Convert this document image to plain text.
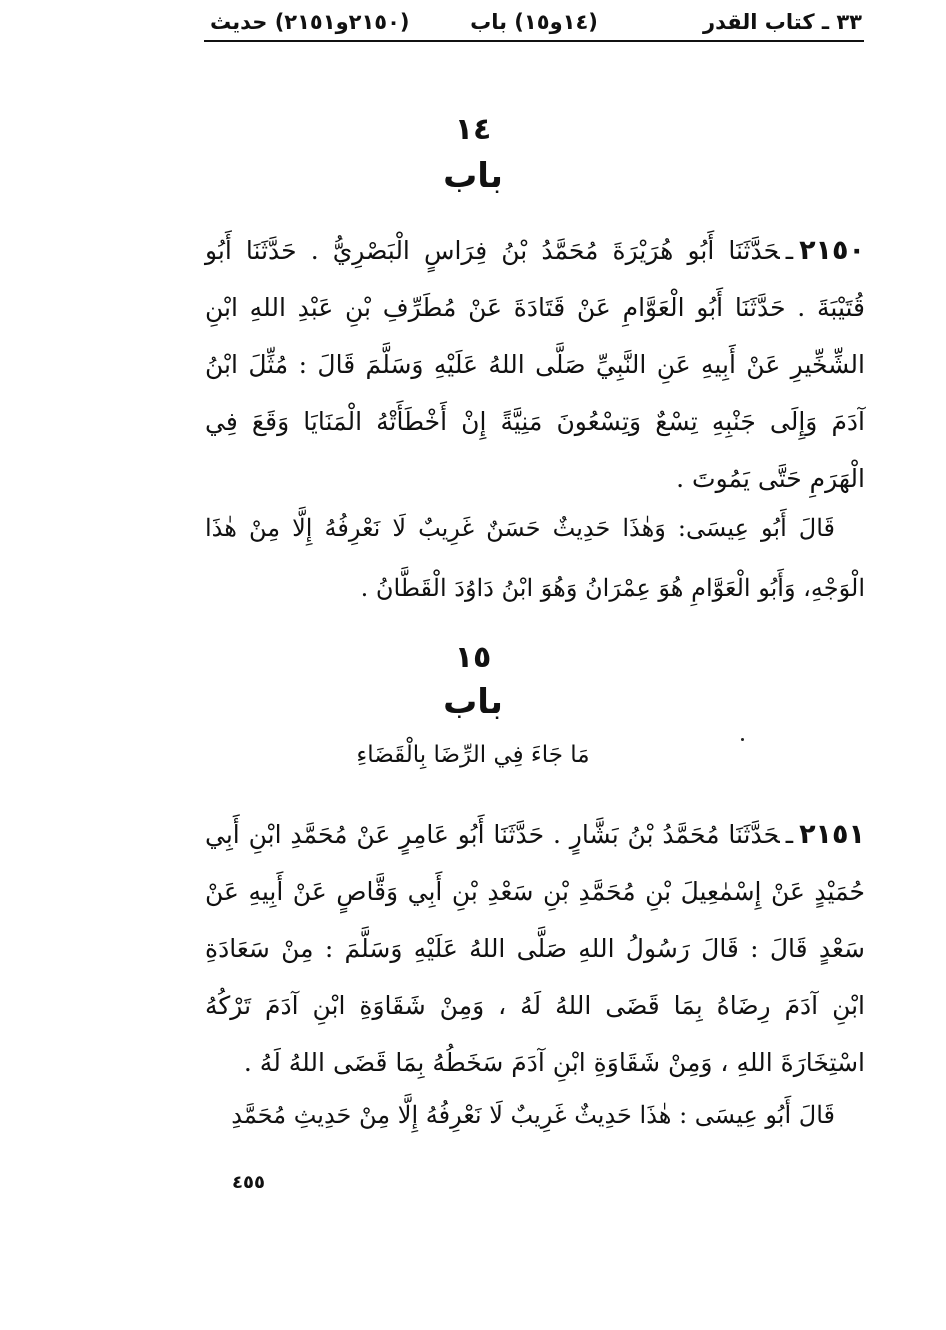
٣٣ ـ كتاب القدر
(١٤و١٥) باب
(٢١٥٠و٢١٥١) حديث
١٤
باب

٢١٥٠ـحَدَّثَنَا أَبُو هُرَيْرَةَ مُحَمَّدُ بْنُ فِرَاسٍ الْبَصْرِيُّ . حَدَّثَنَا أَبُو قُتَيْبَةَ . حَدَّثَنَا أَبُو الْعَوَّامِ عَنْ قَتَادَةَ عَنْ مُطَرِّفِ بْنِ عَبْدِ اللهِ ابْنِ الشِّخِّيرِ عَنْ أَبِيهِ عَنِ النَّبِيِّ صَلَّى اللهُ عَلَيْهِ وَسَلَّمَ قَالَ : مُثِّلَ ابْنُ آدَمَ وَإِلَى جَنْبِهِ تِسْعٌ وَتِسْعُونَ مَنِيَّةً إِنْ أَخْطَأَتْهُ الْمَنَايَا وَقَعَ فِي الْهَرَمِ حَتَّى يَمُوتَ .

قَالَ أَبُو عِيسَى: وَهٰذَا حَدِيثٌ حَسَنٌ غَرِيبٌ لَا نَعْرِفُهُ إِلَّا مِنْ هٰذَا الْوَجْهِ، وَأَبُو الْعَوَّامِ هُوَ عِمْرَانُ وَهُوَ ابْنُ دَاوُدَ الْقَطَّانُ .

١٥
باب
مَا جَاءَ فِي الرِّضَا بِالْقَضَاءِ

٢١٥١ـحَدَّثَنَا مُحَمَّدُ بْنُ بَشَّارٍ . حَدَّثَنَا أَبُو عَامِرٍ عَنْ مُحَمَّدِ ابْنِ أَبِي حُمَيْدٍ عَنْ إِسْمٰعِيلَ بْنِ مُحَمَّدِ بْنِ سَعْدِ بْنِ أَبِي وَقَّاصٍ عَنْ أَبِيهِ عَنْ سَعْدٍ قَالَ : قَالَ رَسُولُ اللهِ صَلَّى اللهُ عَلَيْهِ وَسَلَّمَ : مِنْ سَعَادَةِ ابْنِ آدَمَ رِضَاهُ بِمَا قَضَى اللهُ لَهُ ، وَمِنْ شَقَاوَةِ ابْنِ آدَمَ تَرْكُهُ اسْتِخَارَةَ اللهِ ، وَمِنْ شَقَاوَةِ ابْنِ آدَمَ سَخَطُهُ بِمَا قَضَى اللهُ لَهُ .

قَالَ أَبُو عِيسَى : هٰذَا حَدِيثٌ غَرِيبٌ لَا نَعْرِفُهُ إِلَّا مِنْ حَدِيثِ مُحَمَّدِ

٤٥٥
